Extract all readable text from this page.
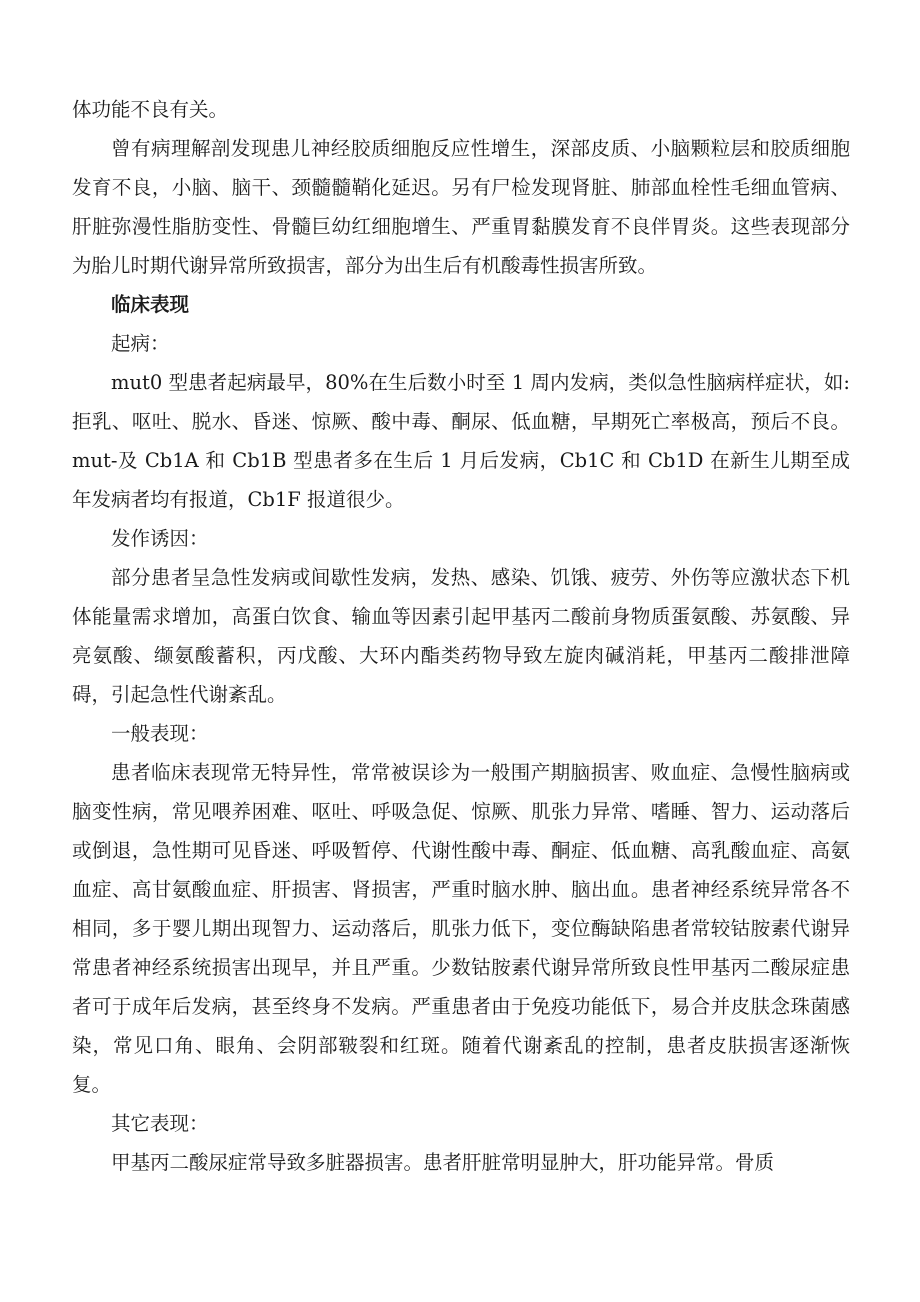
体功能不良有关。

曾有病理解剖发现患儿神经胶质细胞反应性增生，深部皮质、小脑颗粒层和胶质细胞发育不良，小脑、脑干、颈髓髓鞘化延迟。另有尸检发现肾脏、肺部血栓性毛细血管病、肝脏弥漫性脂肪变性、骨髓巨幼红细胞增生、严重胃黏膜发育不良伴胃炎。这些表现部分为胎儿时期代谢异常所致损害，部分为出生后有机酸毒性损害所致。

临床表现

起病：

mut0 型患者起病最早，80%在生后数小时至 1 周内发病，类似急性脑病样症状，如:拒乳、呕吐、脱水、昏迷、惊厥、酸中毒、酮尿、低血糖，早期死亡率极高，预后不良。mut-及 Cb1A 和 Cb1B 型患者多在生后 1 月后发病，Cb1C 和 Cb1D 在新生儿期至成年发病者均有报道，Cb1F 报道很少。

发作诱因：

部分患者呈急性发病或间歇性发病，发热、感染、饥饿、疲劳、外伤等应激状态下机体能量需求增加，高蛋白饮食、输血等因素引起甲基丙二酸前身物质蛋氨酸、苏氨酸、异亮氨酸、缬氨酸蓄积，丙戊酸、大环内酯类药物导致左旋肉碱消耗，甲基丙二酸排泄障碍，引起急性代谢紊乱。

一般表现：

患者临床表现常无特异性，常常被误诊为一般围产期脑损害、败血症、急慢性脑病或脑变性病，常见喂养困难、呕吐、呼吸急促、惊厥、肌张力异常、嗜睡、智力、运动落后或倒退，急性期可见昏迷、呼吸暂停、代谢性酸中毒、酮症、低血糖、高乳酸血症、高氨血症、高甘氨酸血症、肝损害、肾损害，严重时脑水肿、脑出血。患者神经系统异常各不相同，多于婴儿期出现智力、运动落后，肌张力低下，变位酶缺陷患者常较钴胺素代谢异常患者神经系统损害出现早，并且严重。少数钴胺素代谢异常所致良性甲基丙二酸尿症患者可于成年后发病，甚至终身不发病。严重患者由于免疫功能低下，易合并皮肤念珠菌感染，常见口角、眼角、会阴部皲裂和红斑。随着代谢紊乱的控制，患者皮肤损害逐渐恢复。

其它表现：

甲基丙二酸尿症常导致多脏器损害。患者肝脏常明显肿大，肝功能异常。骨质
